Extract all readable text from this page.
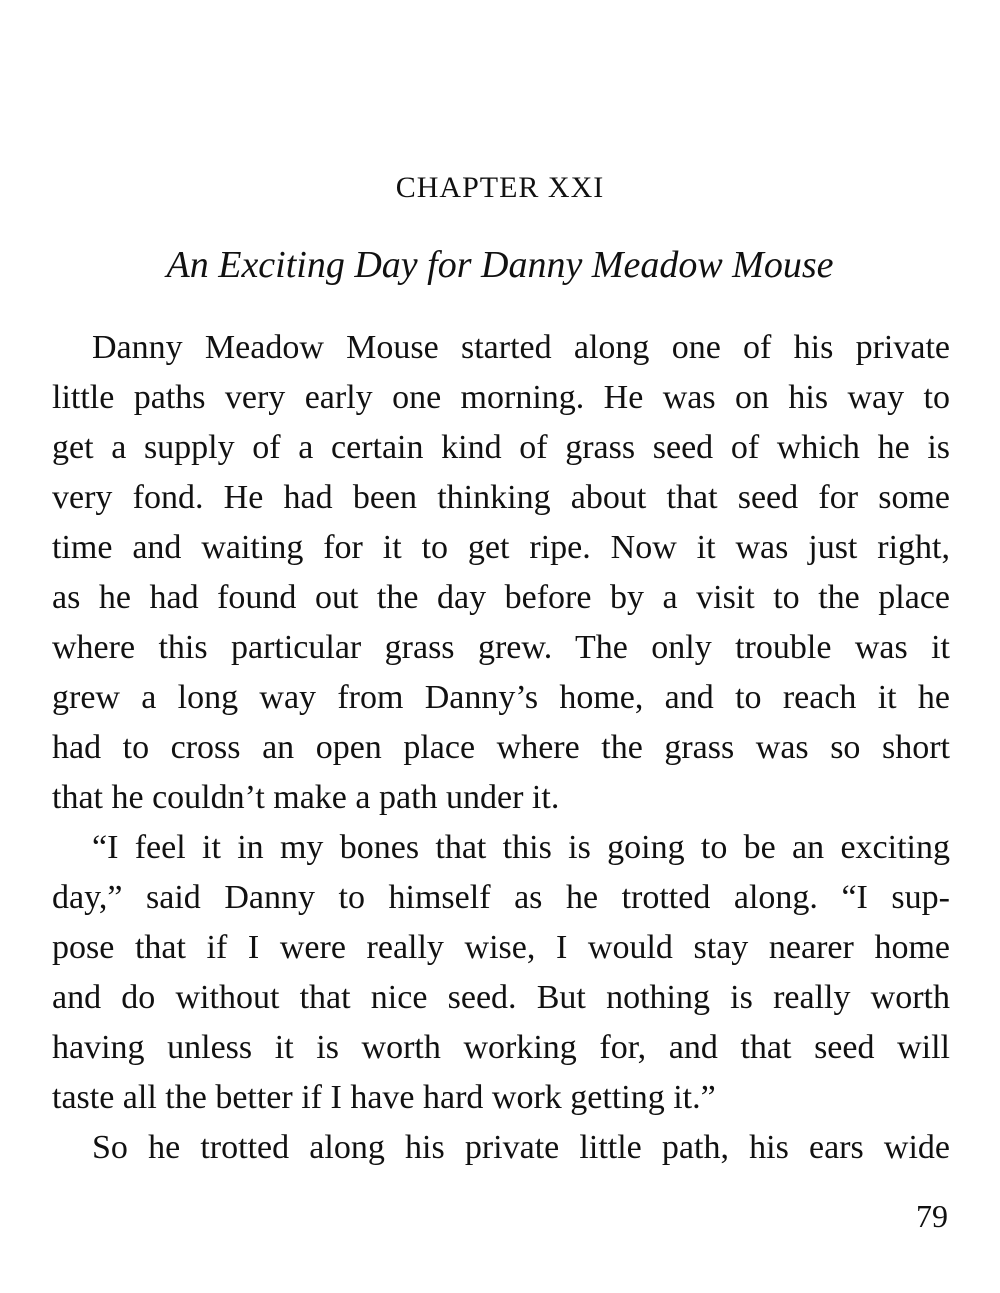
CHAPTER XXI
An Exciting Day for Danny Meadow Mouse
Danny Meadow Mouse started along one of his private
little paths very early one morning. He was on his way to
get a supply of a certain kind of grass seed of which he is
very fond. He had been thinking about that seed for some
time and waiting for it to get ripe. Now it was just right,
as he had found out the day before by a visit to the place
where this particular grass grew. The only trouble was it
grew a long way from Danny’s home, and to reach it he
had to cross an open place where the grass was so short
that he couldn’t make a path under it.
“I feel it in my bones that this is going to be an exciting
day,” said Danny to himself as he trotted along. “I sup-
pose that if I were really wise, I would stay nearer home
and do without that nice seed. But nothing is really worth
having unless it is worth working for, and that seed will
taste all the better if I have hard work getting it.”
So he trotted along his private little path, his ears wide
79
